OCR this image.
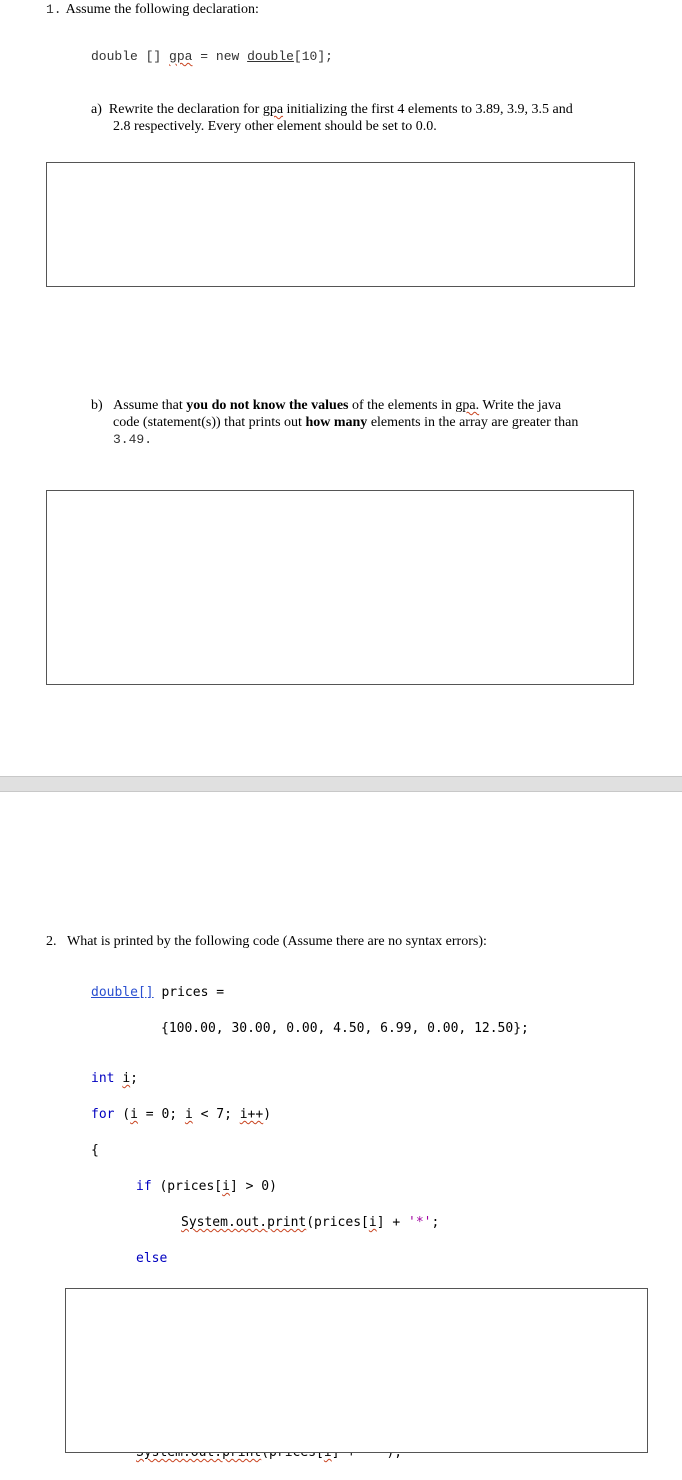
1. Assume the following declaration:
double [] gpa = new double[10];
a) Rewrite the declaration for gpa initializing the first 4 elements to 3.89, 3.9, 3.5 and
2.8 respectively. Every other element should be set to 0.0.
b) Assume that you do not know the values of the elements in gpa. Write the java
code (statement(s)) that prints out how many elements in the array are greater than
3.49.
2. What is printed by the following code (Assume there are no syntax errors):

double[] prices =

{100.00, 30.00, 0.00, 4.50, 6.99, 0.00, 12.50};

int i;

for (i = 0; i < 7; i++)

{

if (prices[i] > 0)

System.out.print(prices[i] + '*';

else
